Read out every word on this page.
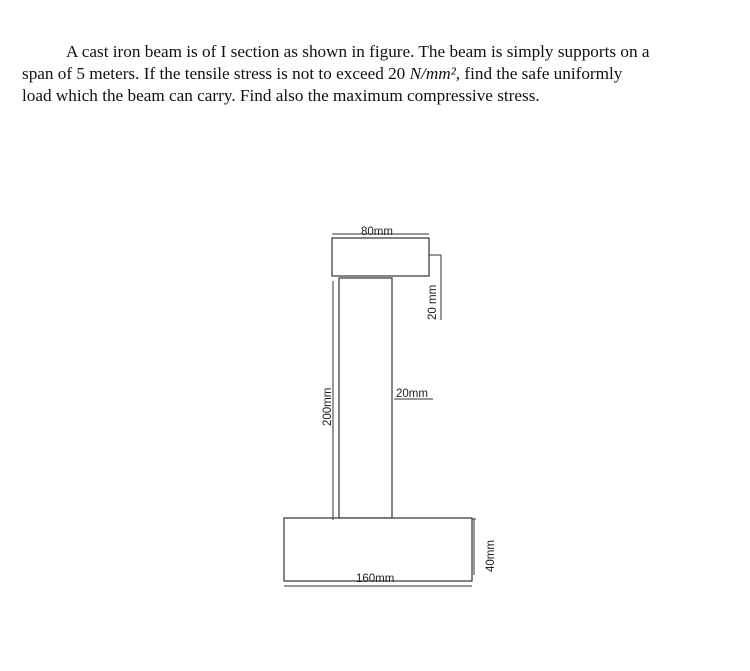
A cast iron beam is of I section as shown in figure. The beam is simply supports on a
span of 5 meters. If the tensile stress is not to exceed 20 N/mm², find the safe uniformly
load which the beam can carry. Find also the maximum compressive stress.
80mm
20 mm
20mm
200mm
160mm
40mm
